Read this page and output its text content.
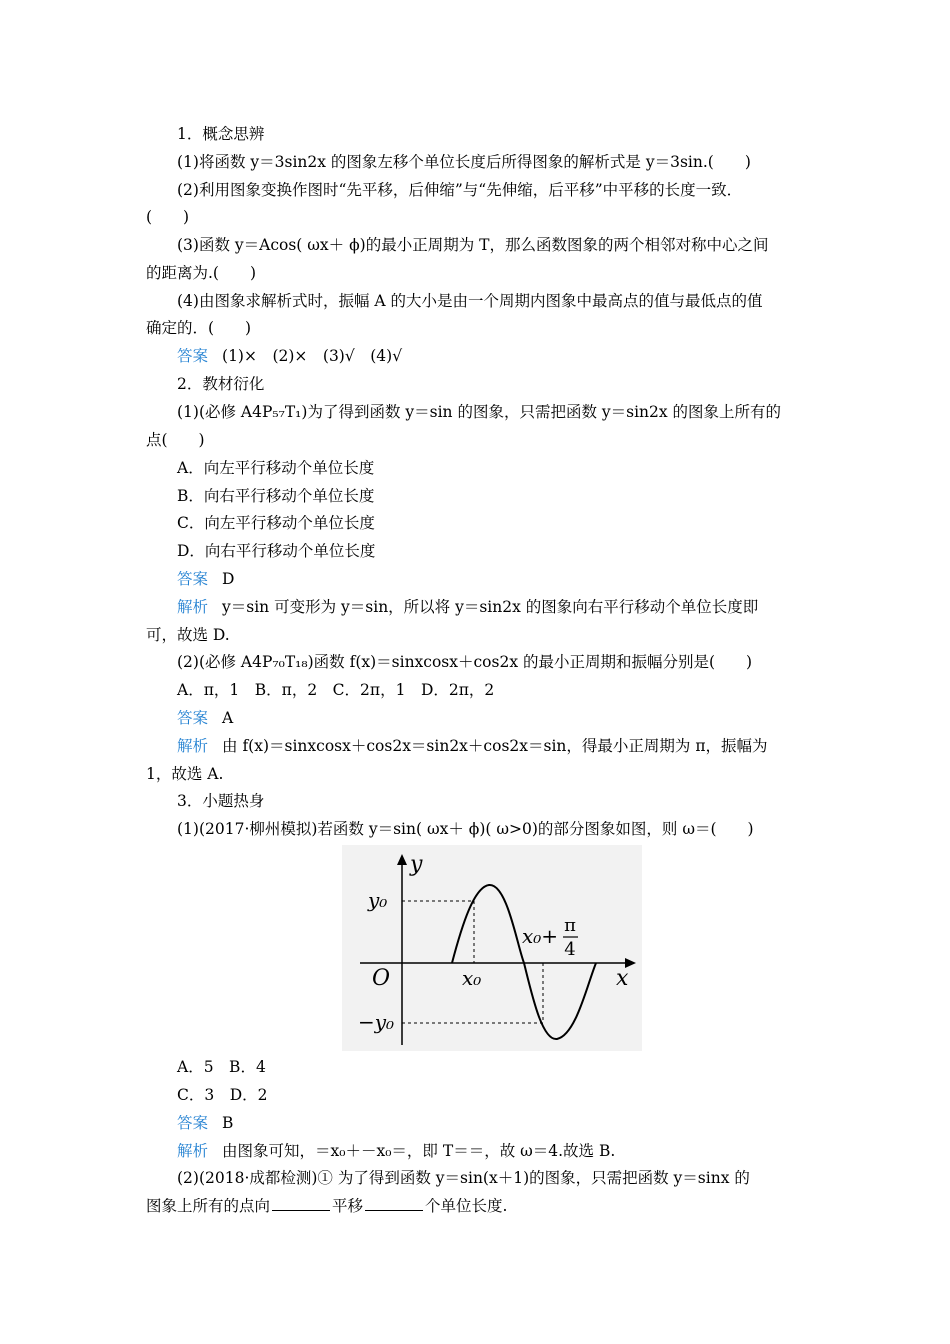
1．概念思辨
(1)将函数 y＝3sin2x 的图象左移个单位长度后所得图象的解析式是 y＝3sin.(　　)
(2)利用图象变换作图时“先平移，后伸缩”与“先伸缩，后平移”中平移的长度一致．
(　　)
(3)函数 y＝Acos( ωx＋ ϕ)的最小正周期为 T，那么函数图象的两个相邻对称中心之间
的距离为.(　　)
(4)由图象求解析式时，振幅 A 的大小是由一个周期内图象中最高点的值与最低点的值
确定的．(　　)
答案 (1)×　(2)×　(3)√　(4)√
2．教材衍化
(1)(必修 A4P₅₇T₁)为了得到函数 y＝sin 的图象，只需把函数 y＝sin2x 的图象上所有的
点(　　)
A．向左平行移动个单位长度
B．向右平行移动个单位长度
C．向左平行移动个单位长度
D．向右平行移动个单位长度
答案 D
解析 y＝sin 可变形为 y＝sin，所以将 y＝sin2x 的图象向右平行移动个单位长度即
可，故选 D.
(2)(必修 A4P₇₀T₁₈)函数 f(x)＝sinxcosx＋cos2x 的最小正周期和振幅分别是(　　)
A．π，1　B．π，2　C．2π，1　D．2π，2
答案 A
解析 由 f(x)＝sinxcosx＋cos2x＝sin2x＋cos2x＝sin，得最小正周期为 π，振幅为
1，故选 A.
3．小题热身
(1)(2017·柳州模拟)若函数 y＝sin( ωx＋ ϕ)( ω>0)的部分图象如图，则 ω＝(　　)
y
x
O
y₀
−y₀
x₀
x₀+ π
4
A．5　B．4
C．3　D．2
答案 B
解析 由图象可知，＝x₀＋－x₀＝，即 T＝＝，故 ω＝4.故选 B.
(2)(2018·成都检测)① 为了得到函数 y＝sin(x＋1)的图象，只需把函数 y＝sinx 的
图象上所有的点向	平移	个单位长度.
